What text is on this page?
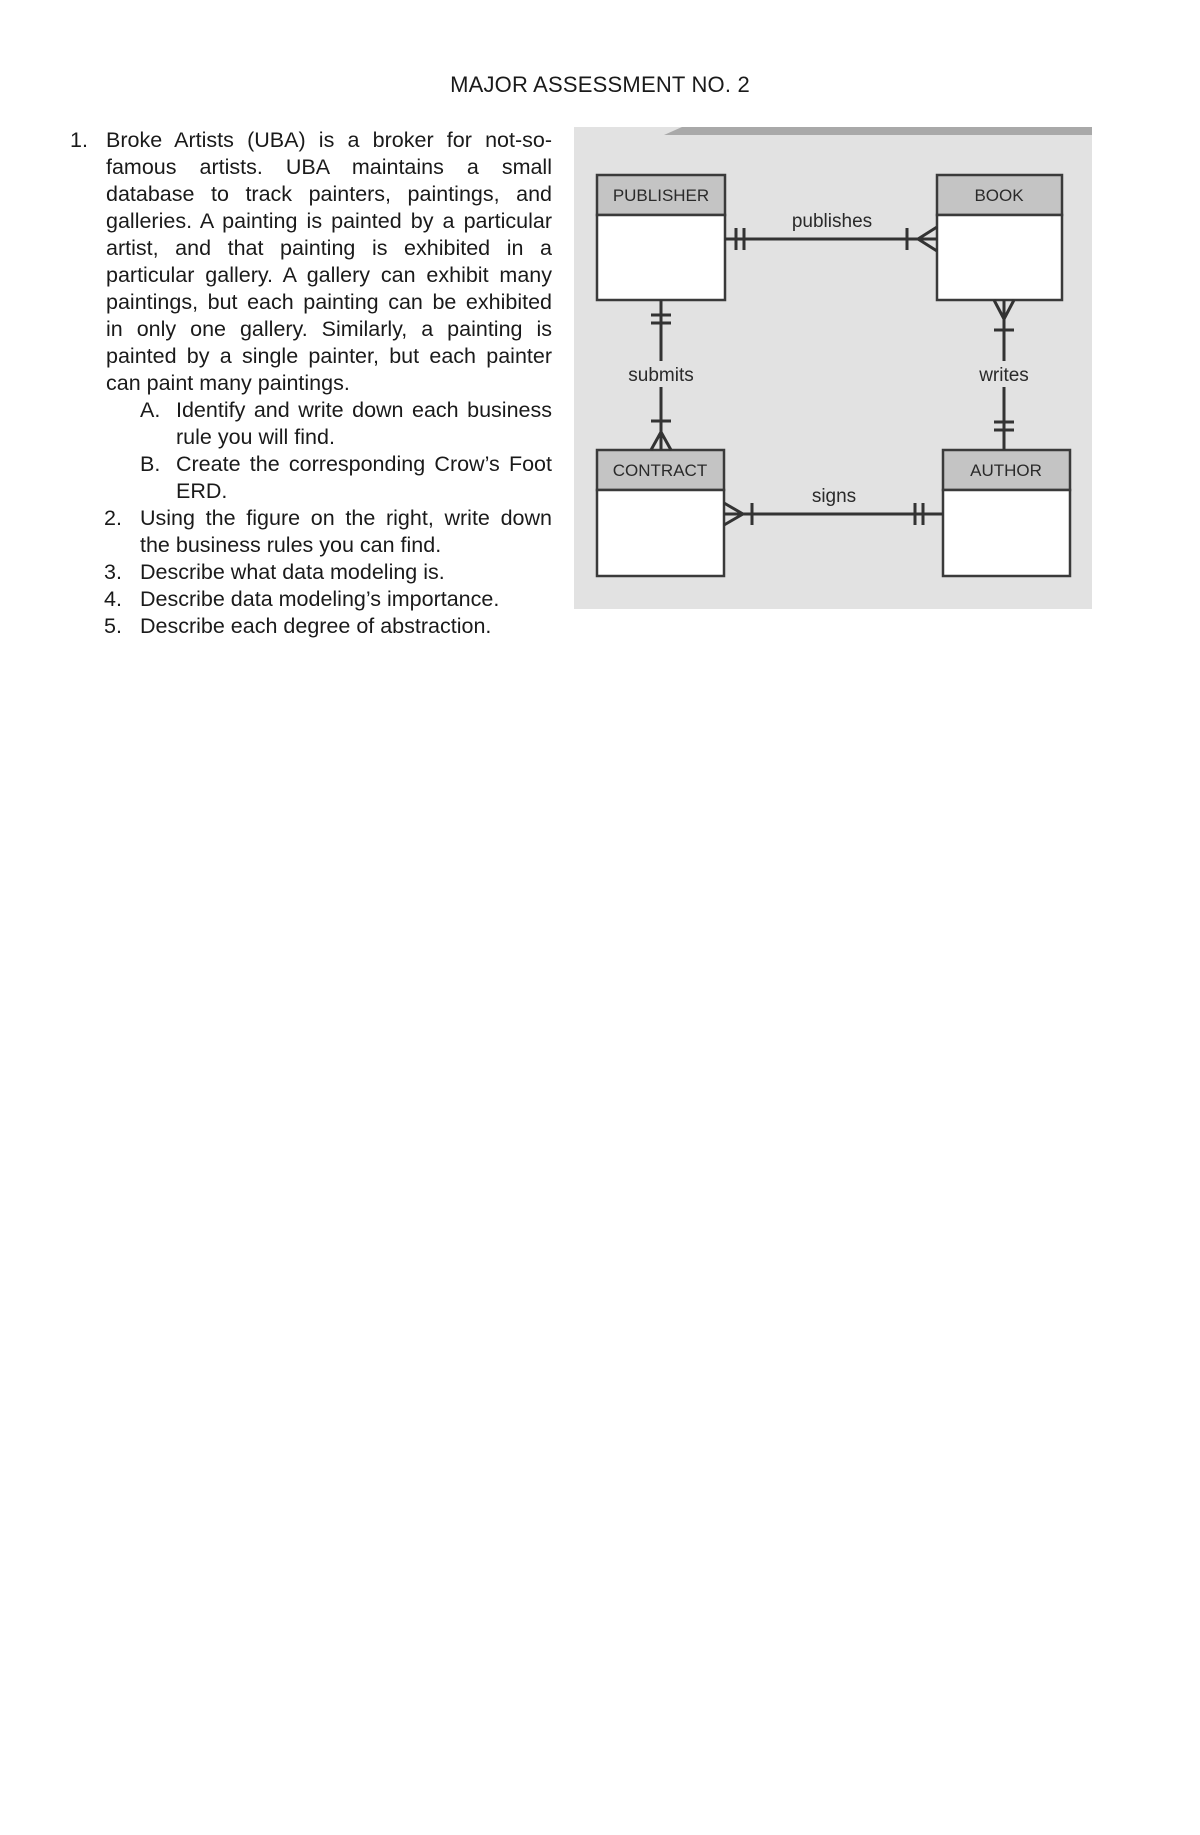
MAJOR ASSESSMENT NO. 2
1. Broke Artists (UBA) is a broker for not-so-famous artists. UBA maintains a small database to track painters, paintings, and galleries. A painting is painted by a particular artist, and that painting is exhibited in a particular gallery. A gallery can exhibit many paintings, but each painting can be exhibited in only one gallery. Similarly, a painting is painted by a single painter, but each painter can paint many paintings.
A. Identify and write down each business rule you will find.
B. Create the corresponding Crow’s Foot ERD.
2. Using the figure on the right, write down the business rules you can find.
3. Describe what data modeling is.
4. Describe data modeling’s importance.
5. Describe each degree of abstraction.
PUBLISHER	BOOK
CONTRACT	AUTHOR
publishes
submits	writes
signs
